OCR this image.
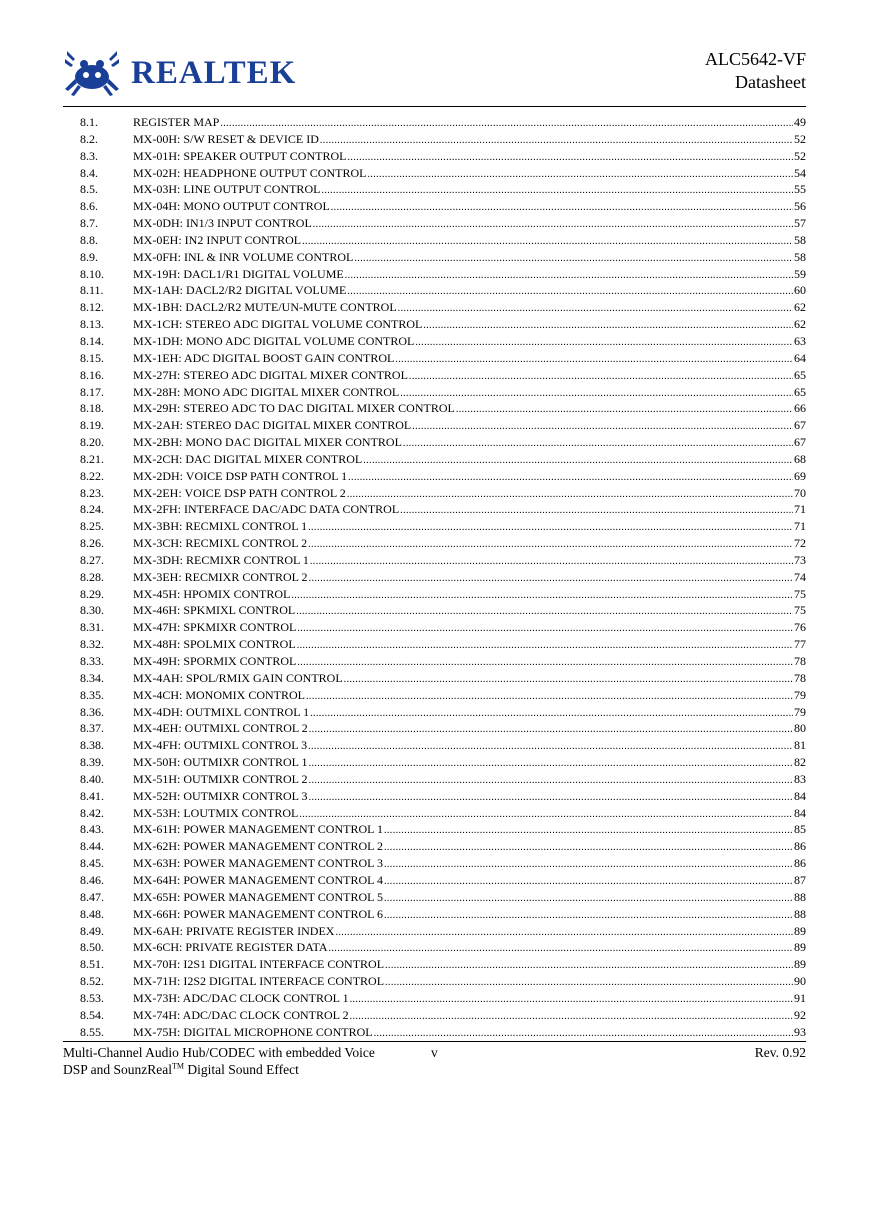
REALTEK	ALC5642-VF
Datasheet
8.1.	REGISTER MAP .....	49
8.2.	MX-00H: S/W RESET & DEVICE ID .....	52
8.3.	MX-01H: SPEAKER OUTPUT CONTROL .....	52
8.4.	MX-02H: HEADPHONE OUTPUT CONTROL .....	54
8.5.	MX-03H: LINE OUTPUT CONTROL .....	55
8.6.	MX-04H: MONO OUTPUT CONTROL .....	56
8.7.	MX-0DH: IN1/3 INPUT CONTROL .....	57
8.8.	MX-0EH: IN2 INPUT CONTROL .....	58
8.9.	MX-0FH: INL & INR VOLUME CONTROL .....	58
8.10.	MX-19H: DACL1/R1 DIGITAL VOLUME .....	59
8.11.	MX-1AH: DACL2/R2 DIGITAL VOLUME .....	60
8.12.	MX-1BH: DACL2/R2 MUTE/UN-MUTE CONTROL .....	62
8.13.	MX-1CH: STEREO ADC DIGITAL VOLUME CONTROL .....	62
8.14.	MX-1DH: MONO ADC DIGITAL VOLUME CONTROL .....	63
8.15.	MX-1EH: ADC DIGITAL BOOST GAIN CONTROL .....	64
8.16.	MX-27H: STEREO ADC DIGITAL MIXER CONTROL .....	65
8.17.	MX-28H: MONO ADC DIGITAL MIXER CONTROL .....	65
8.18.	MX-29H: STEREO ADC TO DAC DIGITAL MIXER CONTROL .....	66
8.19.	MX-2AH: STEREO DAC DIGITAL MIXER CONTROL .....	67
8.20.	MX-2BH: MONO DAC DIGITAL MIXER CONTROL .....	67
8.21.	MX-2CH: DAC DIGITAL MIXER CONTROL .....	68
8.22.	MX-2DH: VOICE DSP PATH CONTROL 1 .....	69
8.23.	MX-2EH: VOICE DSP PATH CONTROL 2 .....	70
8.24.	MX-2FH: INTERFACE DAC/ADC DATA CONTROL .....	71
8.25.	MX-3BH: RECMIXL CONTROL 1 .....	71
8.26.	MX-3CH: RECMIXL CONTROL 2 .....	72
8.27.	MX-3DH: RECMIXR CONTROL 1 .....	73
8.28.	MX-3EH: RECMIXR CONTROL 2 .....	74
8.29.	MX-45H: HPOMIX CONTROL .....	75
8.30.	MX-46H: SPKMIXL CONTROL .....	75
8.31.	MX-47H: SPKMIXR CONTROL .....	76
8.32.	MX-48H: SPOLMIX CONTROL .....	77
8.33.	MX-49H: SPORMIX CONTROL .....	78
8.34.	MX-4AH: SPOL/RMIX GAIN CONTROL .....	78
8.35.	MX-4CH: MONOMIX CONTROL .....	79
8.36.	MX-4DH: OUTMIXL CONTROL 1 .....	79
8.37.	MX-4EH: OUTMIXL CONTROL 2 .....	80
8.38.	MX-4FH: OUTMIXL CONTROL 3 .....	81
8.39.	MX-50H: OUTMIXR CONTROL 1 .....	82
8.40.	MX-51H: OUTMIXR CONTROL 2 .....	83
8.41.	MX-52H: OUTMIXR CONTROL 3 .....	84
8.42.	MX-53H: LOUTMIX CONTROL .....	84
8.43.	MX-61H: POWER MANAGEMENT CONTROL 1 .....	85
8.44.	MX-62H: POWER MANAGEMENT CONTROL 2 .....	86
8.45.	MX-63H: POWER MANAGEMENT CONTROL 3 .....	86
8.46.	MX-64H: POWER MANAGEMENT CONTROL 4 .....	87
8.47.	MX-65H: POWER MANAGEMENT CONTROL 5 .....	88
8.48.	MX-66H: POWER MANAGEMENT CONTROL 6 .....	88
8.49.	MX-6AH: PRIVATE REGISTER INDEX .....	89
8.50.	MX-6CH: PRIVATE REGISTER DATA .....	89
8.51.	MX-70H: I2S1 DIGITAL INTERFACE CONTROL .....	89
8.52.	MX-71H: I2S2 DIGITAL INTERFACE CONTROL .....	90
8.53.	MX-73H: ADC/DAC CLOCK CONTROL 1 .....	91
8.54.	MX-74H: ADC/DAC CLOCK CONTROL 2 .....	92
8.55.	MX-75H: DIGITAL MICROPHONE CONTROL .....	93
Multi-Channel Audio Hub/CODEC with embedded Voice
DSP and SounzReal™ Digital Sound Effect
v	Rev. 0.92
